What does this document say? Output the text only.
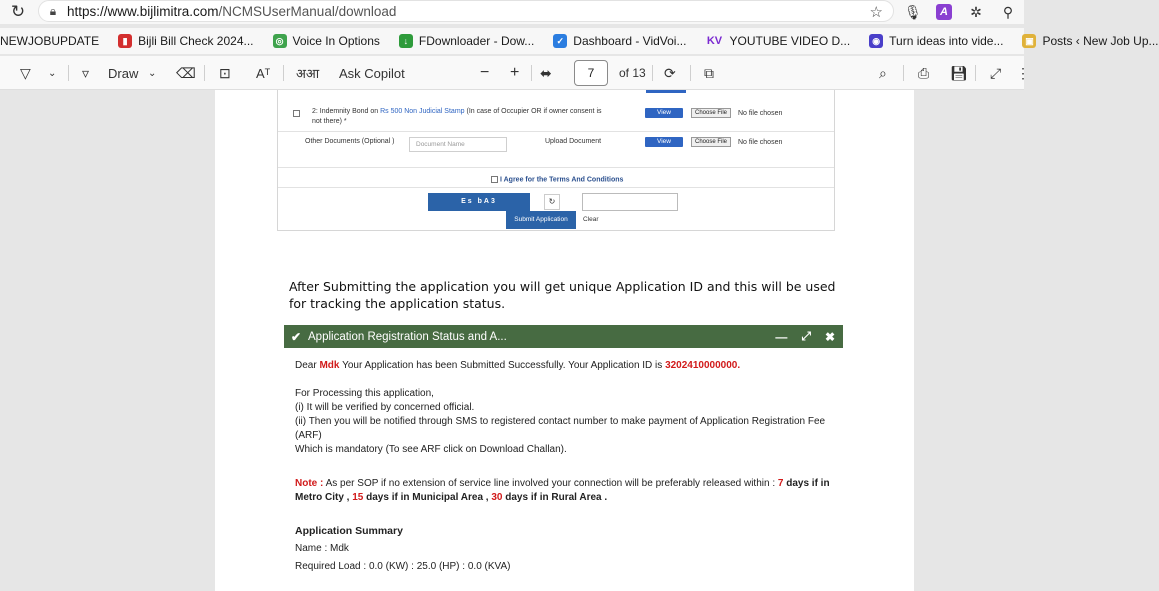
↻	🔒︎ https://www.bijlimitra.com/NCMSUserManual/download	☆ 🎙︎	A ✲ ⚲
NEWJOBUPDATE	▮ Bijli Bill Check 2024...	◎ Voice In Options	↓ FDownloader - Dow...	✓ Dashboard - VidVoi... KV YOUTUBE VIDEO D...	◉ Turn ideas into vide...	▣ Posts ‹ New Job Up...
▽ ⌄ ▿ Draw ⌄ ⌫ ⊡ Aᵀ अआ Ask Copilot	− + ⬌	7	of 13 ⟳ ⧉	⌕ ⎙ 💾︎ ⤢ ⋮
2: Indemnity Bond on Rs 500 Non Judicial Stamp (In case of Occupier OR if owner consent is not there) *
View	Choose File	No file chosen
Other Documents (Optional )	Upload Document	View	Choose File	No file chosen
Document Name
I Agree for the Terms And Conditions
Es bA3	↻
Submit Application	Clear
After Submitting the application you will get unique Application ID and this will be used for tracking the application status.
✔ Application Registration Status and A...	— ⤢ ✖

Dear Mdk Your Application has been Submitted Successfully. Your Application ID is 3202410000000.

For Processing this application,

(i) It will be verified by concerned official.

(ii) Then you will be notified through SMS to registered contact number to make payment of Application Registration Fee (ARF)

Which is mandatory (To see ARF click on Download Challan).

Note : As per SOP if no extension of service line involved your connection will be preferably released within : 7 days if in Metro City , 15 days if in Municipal Area , 30 days if in Rural Area .

Application Summary

Name : Mdk

Required Load : 0.0 (KW) : 25.0 (HP) : 0.0 (KVA)
